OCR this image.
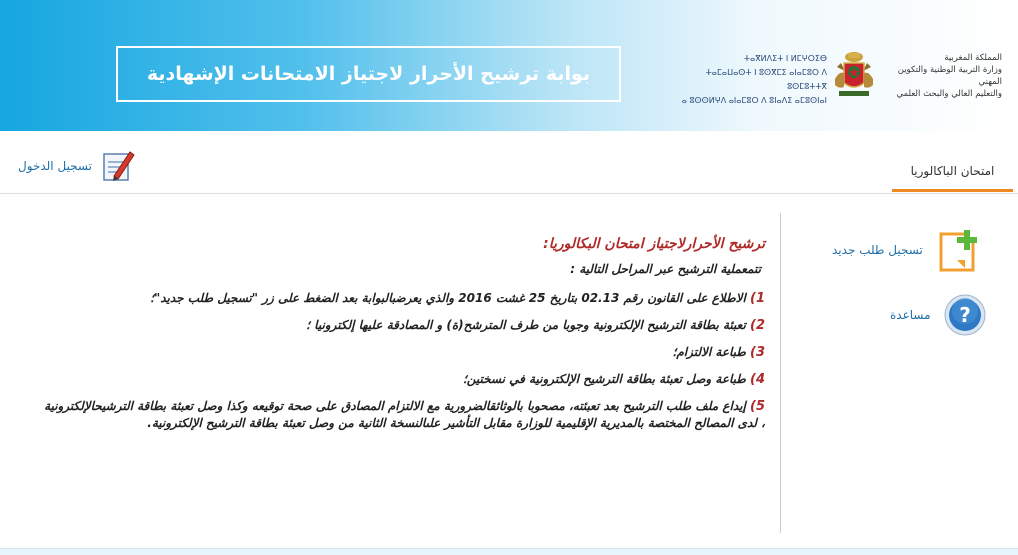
بوابة ترشيح الأحرار لاجتياز الامتحانات الإشهادية
ⵜⴰⴳⵍⴷⵉⵜ ⵏ ⵍⵎⵖⵔⵉⴱ
ⵜⴰⵎⴰⵡⴰⵙⵜ ⵏ ⵓⵙⴳⵎⵉ ⴰⵏⴰⵎⵓⵔ ⴷ ⵓⵙⵎⵓⵜⵜⴳ
ⴰ ⵓⵙⵙⵍⵖⴷ ⴰⵏⴰⵎⵓⵔ ⴷ ⵓⵏⴰⴷⵉ ⴰⵎⵓⵙⵏⴰⵏ
المملكة المغربية
وزارة التربية الوطنية والتكوين المهني
والتعليم العالي والبحث العلمي
تسجيل الدخول	امتحان الباكالوريا
تسجيل طلب جديد
مساعدة ?

ترشيح الأحرارلاجتياز امتحان البكالوريا:

تتمعملية الترشيح عبر المراحل التالية :

1) الاطلاع على القانون رقم 02.13 بتاريخ 25 غشت 2016 والذي يعرضبالبوابة بعد الضغط على زر "تسجيل طلب جديد"؛

2) تعبئة بطاقة الترشيح الإلكترونية وجوبا من طرف المترشح(ة) و المصادقة عليها إلكترونيا ؛

3) طباعة الالتزام؛

4) طباعة وصل تعبئة بطاقة الترشيح الإلكترونية في نسختين؛

5) إيداع ملف طلب الترشيح بعد تعبئته، مصحوبا بالوثائقالضرورية مع الالتزام المصادق على صحة توقيعه وكذا وصل تعبئة بطاقة الترشيحالإلكترونية ، لدى المصالح المختصة بالمديرية الإقليمية للوزارة مقابل التأشير علىالنسخة الثانية من وصل تعبئة بطاقة الترشيح الإلكترونية.
